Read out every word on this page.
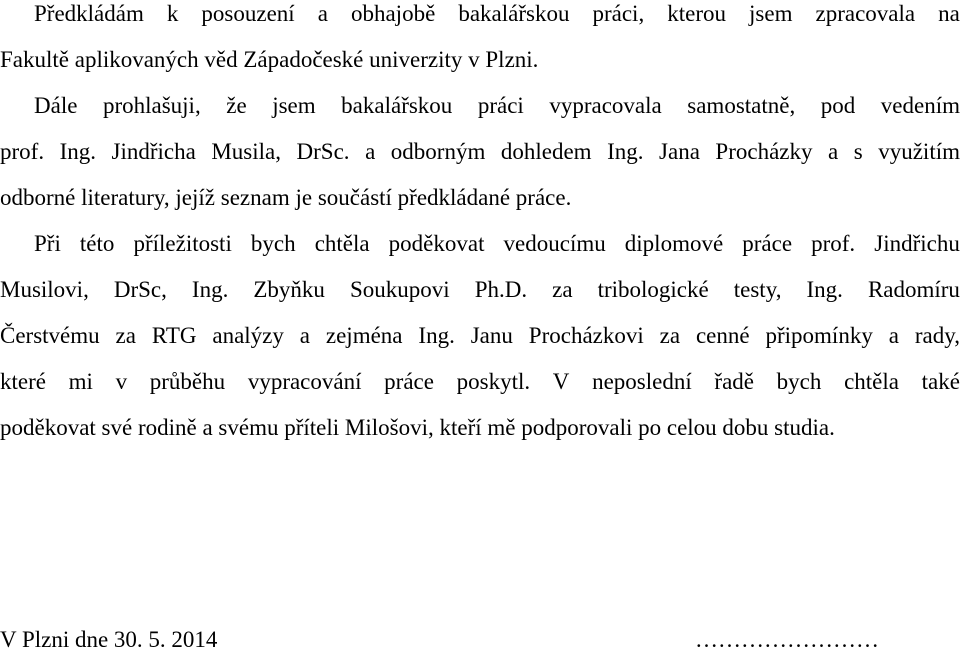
Předkládám k posouzení a obhajobě bakalářskou práci, kterou jsem zpracovala na
Fakultě aplikovaných věd Západočeské univerzity v Plzni.
Dále prohlašuji, že jsem bakalářskou práci vypracovala samostatně, pod vedením
prof. Ing. Jindřicha Musila, DrSc. a odborným dohledem Ing. Jana Procházky a s využitím
odborné literatury, jejíž seznam je součástí předkládané práce.
Při této příležitosti bych chtěla poděkovat vedoucímu diplomové práce prof. Jindřichu
Musilovi, DrSc, Ing. Zbyňku Soukupovi Ph.D. za tribologické testy, Ing. Radomíru
Čerstvému za RTG analýzy a zejména Ing. Janu Procházkovi za cenné připomínky a rady,
které mi v průběhu vypracování práce poskytl. V neposlední řadě bych chtěla také
poděkovat své rodině a svému příteli Milošovi, kteří mě podporovali po celou dobu studia.
V Plzni dne 30. 5. 2014	……………………
